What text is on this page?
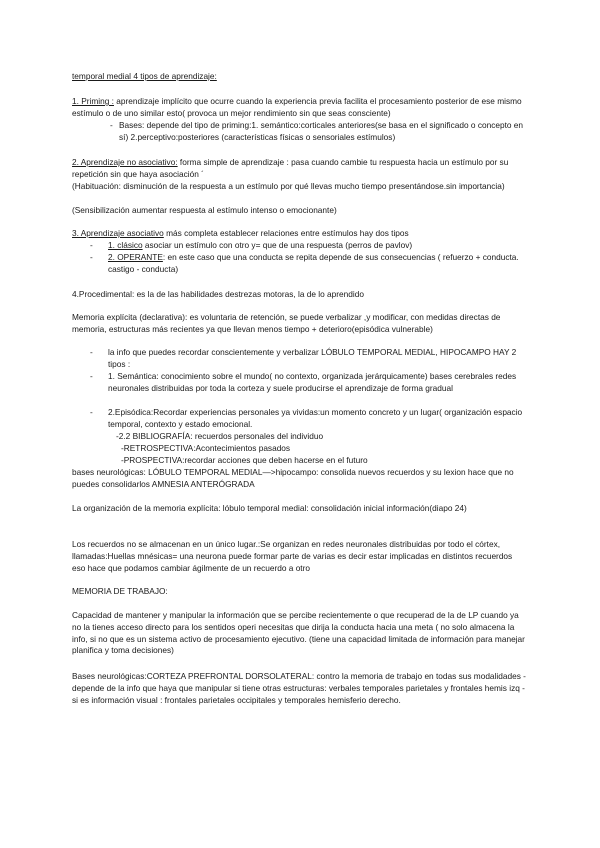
temporal medial 4 tipos de aprendizaje:

1. Priming : aprendizaje implícito que ocurre cuando la experiencia previa facilita el procesamiento posterior de ese mismo estímulo o de uno similar esto( provoca un mejor rendimiento sin que seas consciente)

- Bases: depende del tipo de priming:1. semántico:corticales anteriores(se basa en el significado o concepto en sí) 2.perceptivo:posteriores (características físicas o sensoriales estímulos)

2. Aprendizaje no asociativo: forma simple de aprendizaje : pasa cuando cambie tu respuesta hacia un estímulo por su repetición sin que haya asociación ´

(Habituación: disminución de la respuesta a un estímulo por qué llevas mucho tiempo presentándose.sin importancia)

(Sensibilización aumentar respuesta al estímulo intenso o emocionante)

3. Aprendizaje asociativo más completa establecer relaciones entre estímulos hay dos tipos

- 1. clásico asociar un estímulo con otro y= que de una respuesta (perros de pavlov)
- 2. OPERANTE: en este caso que una conducta se repita depende de sus consecuencias ( refuerzo + conducta. castigo - conducta)

4.Procedimental: es la de las habilidades destrezas motoras, la de lo aprendido

Memoria explícita (declarativa): es voluntaria de retención, se puede verbalizar ,y modificar, con medidas directas de memoria, estructuras más recientes ya que llevan menos tiempo + deterioro(episódica vulnerable)

- la info que puedes recordar conscientemente y verbalizar LÓBULO TEMPORAL MEDIAL, HIPOCAMPO HAY 2 tipos :
- 1. Semántica: conocimiento sobre el mundo( no contexto, organizada jerárquicamente) bases cerebrales redes neuronales distribuidas por toda la corteza y suele producirse el aprendizaje de forma gradual
- 2.Episódica:Recordar experiencias personales ya vividas:un momento concreto y un lugar( organización espacio temporal, contexto y estado emocional.

-2.2 BIBLIOGRAFÍA: recuerdos personales del individuo

-RETROSPECTIVA:Acontecimientos pasados

-PROSPECTIVA:recordar acciones que deben hacerse en el futuro

bases neurológicas: LÓBULO TEMPORAL MEDIAL—>hipocampo: consolida nuevos recuerdos y su lexion hace que no puedes consolidarlos AMNESIA ANTERÓGRADA

La organización de la memoria explícita: lóbulo temporal medial: consolidación inicial información(diapo 24)

Los recuerdos no se almacenan en un único lugar.:Se organizan en redes neuronales distribuidas por todo el córtex, llamadas:Huellas mnésicas= una neurona puede formar parte de varias es decir estar implicadas en distintos recuerdos eso hace que podamos cambiar ágilmente de un recuerdo a otro

MEMORIA DE TRABAJO:

Capacidad de mantener y manipular la información que se percibe recientemente o que recuperad de la de LP cuando ya no la tienes acceso directo para los sentidos operi necesitas que dirija la conducta hacia una meta ( no solo almacena la info, si no que es un sistema activo de procesamiento ejecutivo. (tiene una capacidad limitada de información para manejar planifica y toma decisiones)

Bases neurológicas:CORTEZA PREFRONTAL DORSOLATERAL: contro la memoria de trabajo en todas sus modalidades - depende de la info que haya que manipular si tiene otras estructuras: verbales temporales parietales y frontales hemis izq - si es información visual : frontales parietales occipitales y temporales hemisferio derecho.
